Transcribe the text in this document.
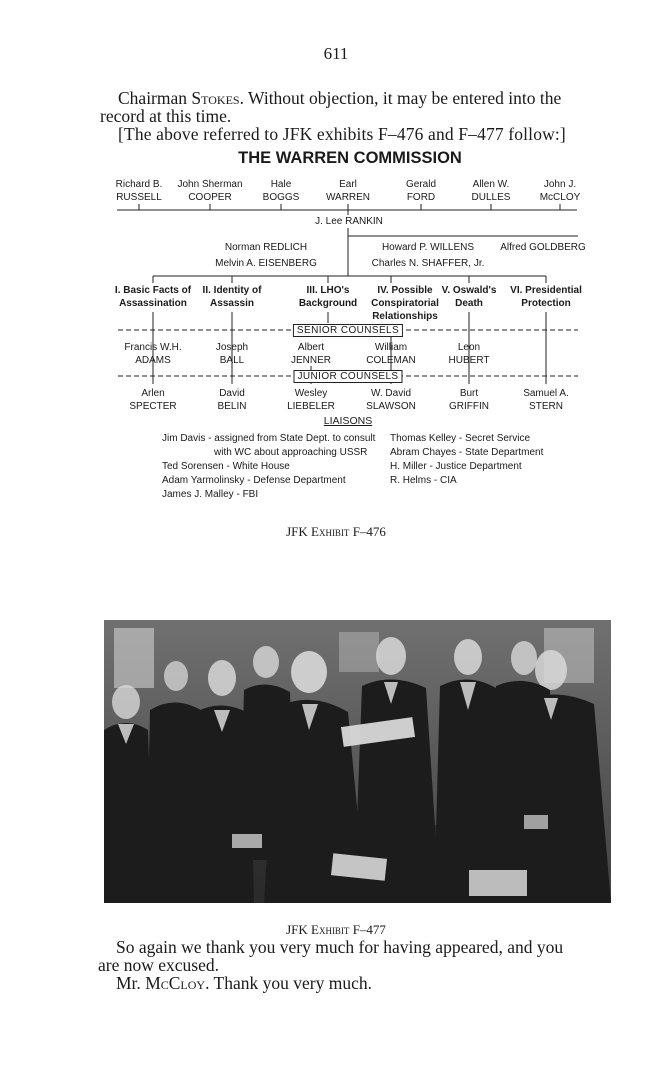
611
Chairman Stokes. Without objection, it may be entered into the
record at this time.
[The above referred to JFK exhibits F–476 and F–477 follow:]
THE WARREN COMMISSION
Richard B.
RUSSELL
John Sherman
COOPER
Hale
BOGGS
Earl
WARREN
Gerald
FORD
Allen W.
DULLES
John J.
McCLOY
J. Lee RANKIN
Norman REDLICH
Melvin A. EISENBERG
Howard P. WILLENS
Charles N. SHAFFER, Jr.
Alfred GOLDBERG
I. Basic Facts of
Assassination
II. Identity of
Assassin
III. LHO's
Background
IV. Possible
Conspiratorial
Relationships
V. Oswald's
Death
VI. Presidential
Protection
SENIOR COUNSELS
Francis W.H.
ADAMS
Joseph
BALL
Albert
JENNER
William
COLEMAN
Leon
HUBERT
JUNIOR COUNSELS
Arlen
SPECTER
David
BELIN
Wesley
LIEBELER
W. David
SLAWSON
Burt
GRIFFIN
Samuel A.
STERN
LIAISONS
Jim Davis - assigned from State Dept. to consult
with WC about approaching USSR
Ted Sorensen - White House
Adam Yarmolinsky - Defense Department
James J. Malley - FBI
Thomas Kelley - Secret Service
Abram Chayes - State Department
H. Miller - Justice Department
R. Helms - CIA
JFK Exhibit F–476
JFK Exhibit F–477
So again we thank you very much for having appeared, and you
are now excused.
Mr. McCloy. Thank you very much.
